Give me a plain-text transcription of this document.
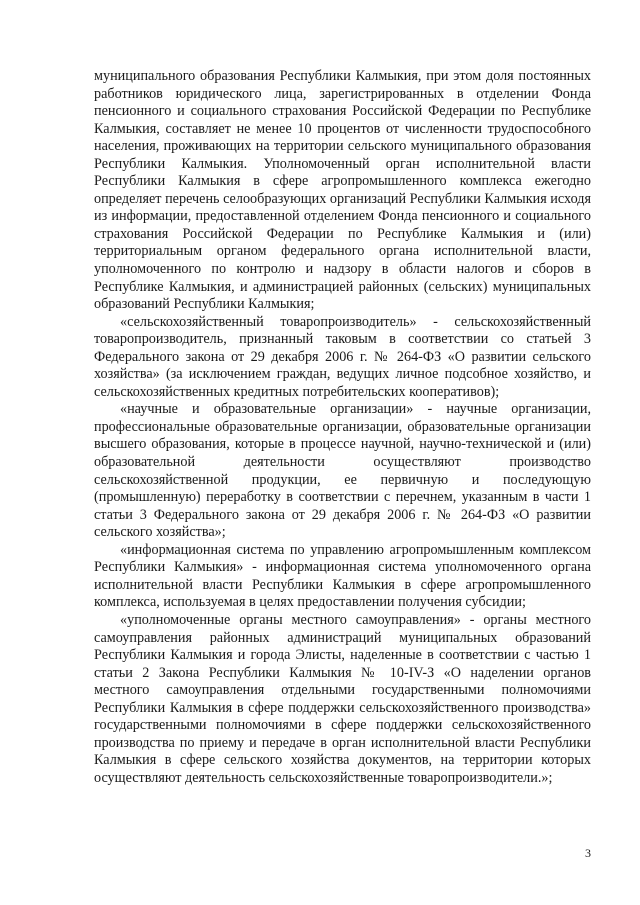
муниципального образования Республики Калмыкия, при этом доля постоянных работников юридического лица, зарегистрированных в отделении Фонда пенсионного и социального страхования Российской Федерации по Республике Калмыкия, составляет не менее 10 процентов от численности трудоспособного населения, проживающих на территории сельского муниципального образования Республики Калмыкия. Уполномоченный орган исполнительной власти Республики Калмыкия в сфере агропромышленного комплекса ежегодно определяет перечень селообразующих организаций Республики Калмыкия исходя из информации, предоставленной отделением Фонда пенсионного и социального страхования Российской Федерации по Республике Калмыкия и (или) территориальным органом федерального органа исполнительной власти, уполномоченного по контролю и надзору в области налогов и сборов в Республике Калмыкия, и администрацией районных (сельских) муниципальных образований Республики Калмыкия;

«сельскохозяйственный товаропроизводитель» - сельскохозяйственный товаропроизводитель, признанный таковым в соответствии со статьей 3 Федерального закона от 29 декабря 2006 г. № 264-ФЗ «О развитии сельского хозяйства» (за исключением граждан, ведущих личное подсобное хозяйство, и сельскохозяйственных кредитных потребительских кооперативов);

«научные и образовательные организации» - научные организации, профессиональные образовательные организации, образовательные организации высшего образования, которые в процессе научной, научно-технической и (или) образовательной деятельности осуществляют производство сельскохозяйственной продукции, ее первичную и последующую (промышленную) переработку в соответствии с перечнем, указанным в части 1 статьи 3 Федерального закона от 29 декабря 2006 г. № 264-ФЗ «О развитии сельского хозяйства»;

«информационная система по управлению агропромышленным комплексом Республики Калмыкия» - информационная система уполномоченного органа исполнительной власти Республики Калмыкия в сфере агропромышленного комплекса, используемая в целях предоставлении получения субсидии;

«уполномоченные органы местного самоуправления» - органы местного самоуправления районных администраций муниципальных образований Республики Калмыкия и города Элисты, наделенные в соответствии с частью 1 статьи 2 Закона Республики Калмыкия № 10-IV-З «О наделении органов местного самоуправления отдельными государственными полномочиями Республики Калмыкия в сфере поддержки сельскохозяйственного производства» государственными полномочиями в сфере поддержки сельскохозяйственного производства по приему и передаче в орган исполнительной власти Республики Калмыкия в сфере сельского хозяйства документов, на территории которых осуществляют деятельность сельскохозяйственные товаропроизводители.»;

3
